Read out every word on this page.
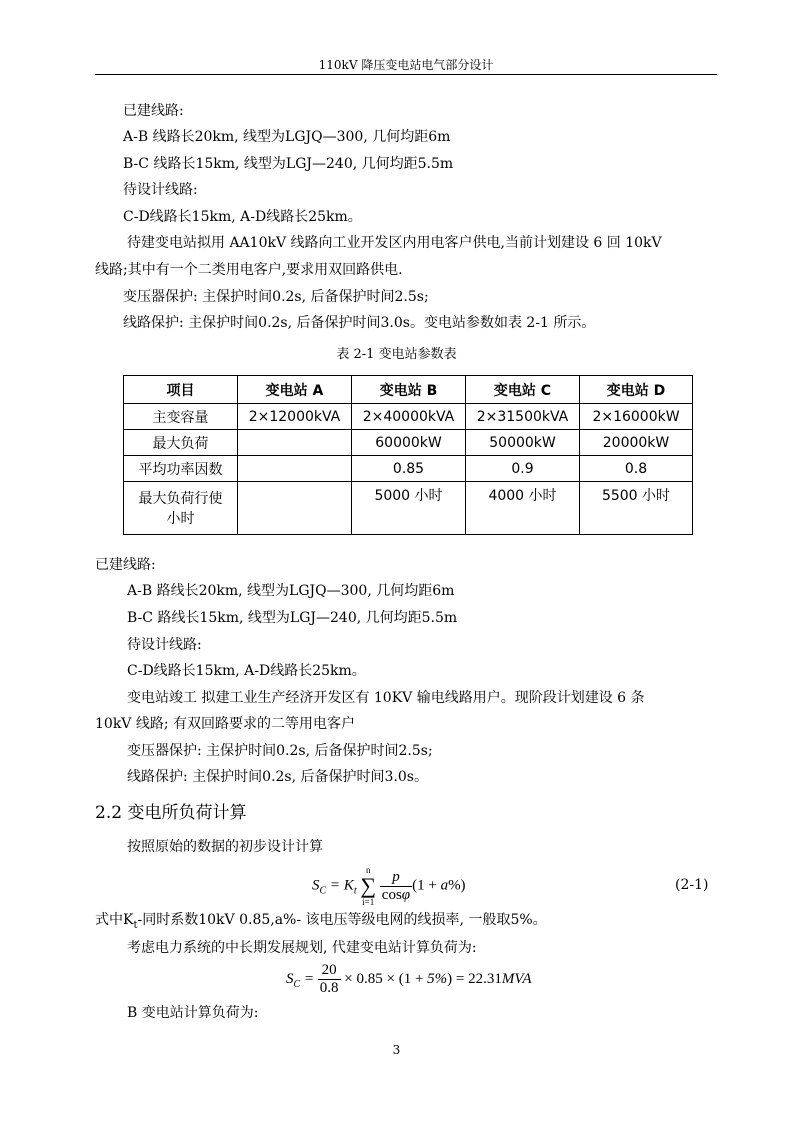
110kV 降压变电站电气部分设计
已建线路:
A-B 线路长20km, 线型为LGJQ—300, 几何均距6m
B-C 线路长15km, 线型为LGJ—240, 几何均距5.5m
待设计线路:
C-D线路长15km, A-D线路长25km。
待建变电站拟用 AA10kV 线路向工业开发区内用电客户供电,当前计划建设 6 回 10kV
线路;其中有一个二类用电客户,要求用双回路供电.
变压器保护: 主保护时间0.2s, 后备保护时间2.5s;
线路保护: 主保护时间0.2s, 后备保护时间3.0s。变电站参数如表 2-1 所示。
表 2-1 变电站参数表
项目	变电站 A	变电站 B	变电站 C	变电站 D
主变容量	2×12000kVA	2×40000kVA	2×31500kVA	2×16000kW
最大负荷		60000kW	50000kW	20000kW
平均功率因数		0.85	0.9	0.8

最大负荷行使
小时		5000 小时	4000 小时	5500 小时
已建线路:
A-B 路线长20km, 线型为LGJQ—300, 几何均距6m
B-C 路线长15km, 线型为LGJ—240, 几何均距5.5m
待设计线路:
C-D线路长15km, A-D线路长25km。
变电站竣工 拟建工业生产经济开发区有 10KV 输电线路用户。现阶段计划建设 6 条
10kV 线路; 有双回路要求的二等用电客户
变压器保护: 主保护时间0.2s, 后备保护时间2.5s;
线路保护: 主保护时间0.2s, 后备保护时间3.0s。
2.2 变电所负荷计算
按照原始的数据的初步设计计算
$S_C = K_t$
n
∑
i=1
$\frac{p}{\cos\varphi} (1 + a\%)$	(2-1)
式中$K_t-$同时系数10kV 0.85,a%- 该电压等级电网的线损率, 一般取5%。
考虑电力系统的中长期发展规划, 代建变电站计算负荷为:
$S_C = \frac{20}{0.8} \times 0.85 \times (1 + 5\%) = 22.31MVA$
B 变电站计算负荷为:
3
